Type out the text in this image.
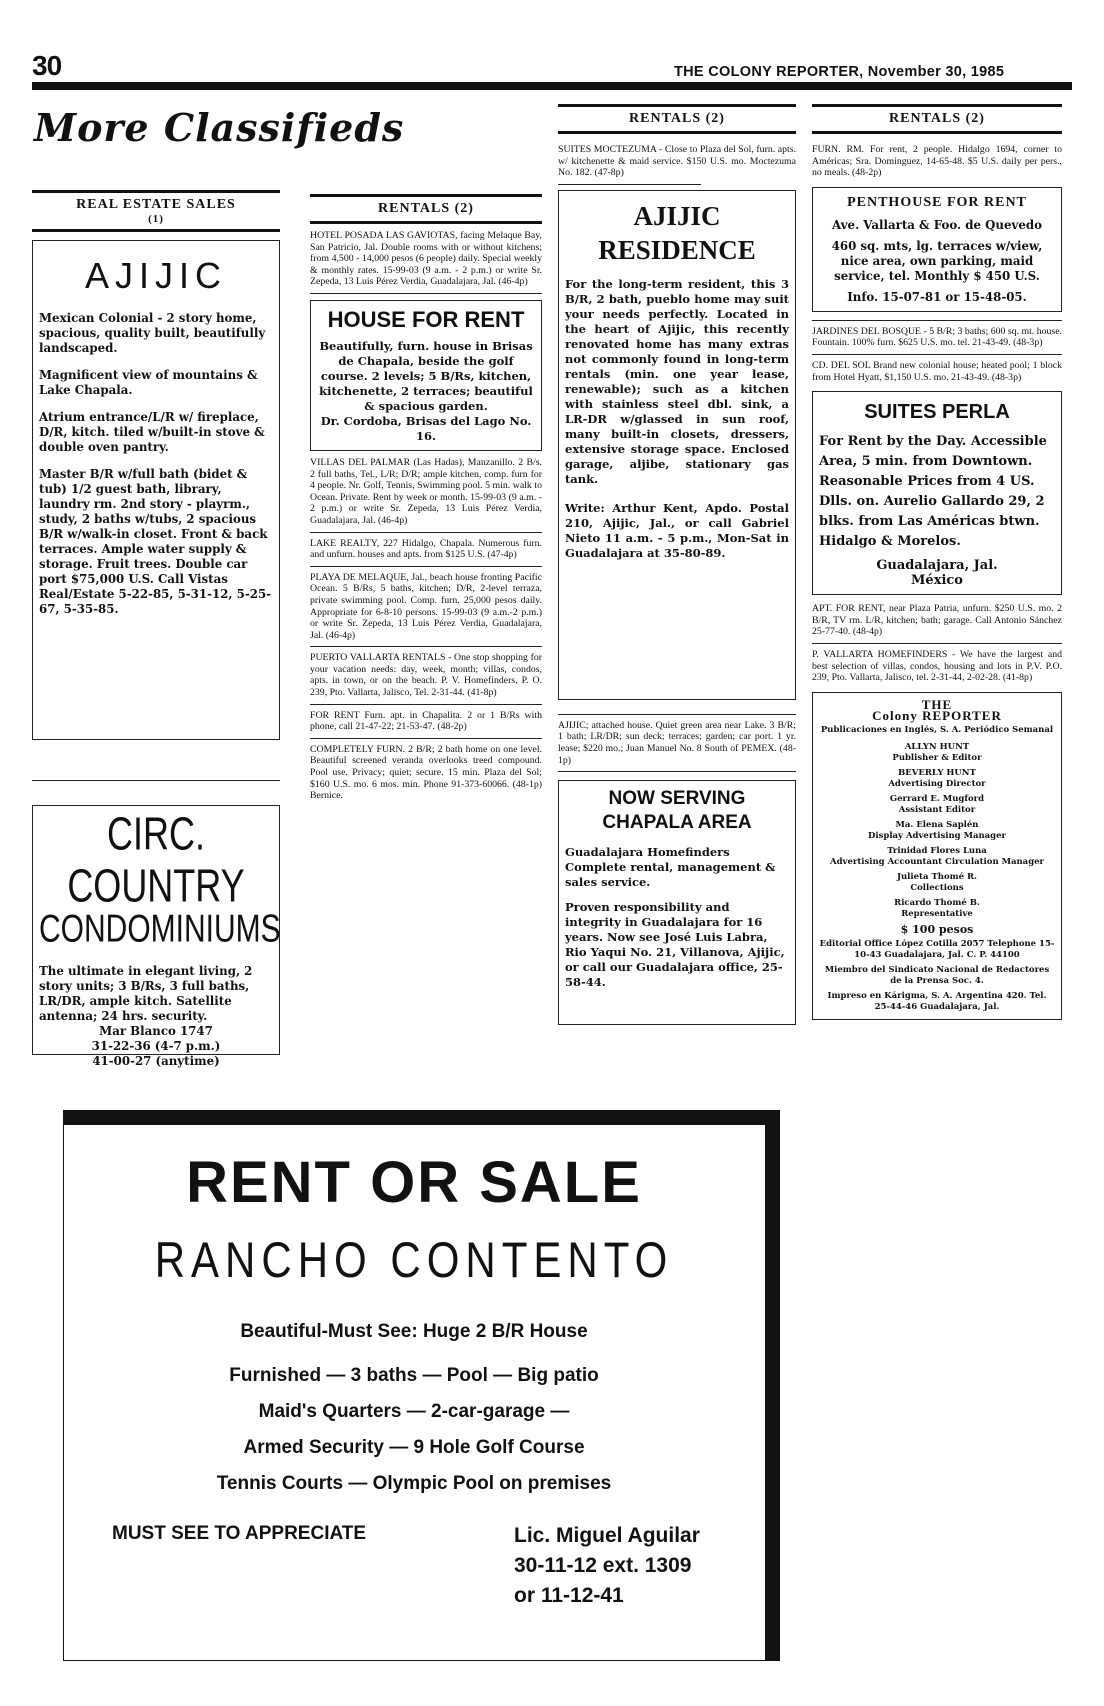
30	THE COLONY REPORTER, November 30, 1985
More Classifieds
REAL ESTATE SALES
(1)
AJIJIC

Mexican Colonial - 2 story home, spacious, quality built, beautifully landscaped.

Magnificent view of mountains & Lake Chapala.

Atrium entrance/L/R w/ fireplace, D/R, kitch. tiled w/built-in stove & double oven pantry.

Master B/R w/full bath (bidet & tub) 1/2 guest bath, library, laundry rm. 2nd story - playrm., study, 2 baths w/tubs, 2 spacious B/R w/walk-in closet. Front & back terraces. Ample water supply & storage. Fruit trees. Double car port $75,000 U.S. Call Vistas Real/Estate 5-22-85, 5-31-12, 5-25-67, 5-35-85.

CIRC. COUNTRY
CONDOMINIUMS

The ultimate in elegant living, 2 story units; 3 B/Rs, 3 full baths, LR/DR, ample kitch. Satellite antenna; 24 hrs. security.

Mar Blanco 1747

31-22-36 (4-7 p.m.)

41-00-27 (anytime)

RENTALS (2)

HOTEL POSADA LAS GAVIOTAS, facing Melaque Bay, San Patricio, Jal. Double rooms with or without kitchens; from 4,500 - 14,000 pesos (6 people) daily. Special weekly & monthly rates. 15-99-03 (9 a.m. - 2 p.m.) or write Sr. Zepeda, 13 Luis Pérez Verdia, Guadalajara, Jal. (46-4p)

HOUSE FOR RENT

Beautifully, furn. house in Brisas de Chapala, beside the golf course. 2 levels; 5 B/Rs, kitchen, kitchenette, 2 terraces; beautiful & spacious garden.

Dr. Cordoba, Brisas del Lago No. 16.

VILLAS DEL PALMAR (Las Hadas), Manzanillo. 2 B/s. 2 full baths, Tel., L/R; D/R; ample kitchen, comp. furn for 4 people. Nr. Golf, Tennis, Swimming pool. 5 min. walk to Ocean. Private. Rent by week or month. 15-99-03 (9 a.m. - 2 p.m.) or write Sr. Zepeda, 13 Luis Pérez Verdia, Guadalajara, Jal. (46-4p)

LAKE REALTY, 227 Hidalgo, Chapala. Numerous furn. and unfurn. houses and apts. from $125 U.S. (47-4p)

PLAYA DE MELAQUE, Jal., beach house fronting Pacific Ocean. 5 B/Rs, 5 baths, kitchen; D/R, 2-level terraza, private swimming pool. Comp. furn. 25,000 pesos daily. Appropriate for 6-8-10 persons. 15-99-03 (9 a.m.-2 p.m.) or write Sr. Zepeda, 13 Luis Pérez Verdia, Guadalajara, Jal. (46-4p)

PUERTO VALLARTA RENTALS - One stop shopping for your vacation needs: day, week, month; villas, condos, apts. in town, or on the beach. P. V. Homefinders, P. O. 239, Pto. Vallarta, Jalisco, Tel. 2-31-44. (41-8p)

FOR RENT Furn. apt. in Chapalita. 2 or 1 B/Rs with phone, call 21-47-22; 21-53-47. (48-2p)

COMPLETELY FURN. 2 B/R; 2 bath home on one level. Beautiful screened veranda overlooks treed compound. Pool use. Privacy; quiet; secure. 15 min. Plaza del Sol; $160 U.S. mo. 6 mos. min. Phone 91-373-60066. (48-1p) Bernice.

RENTALS (2)

SUITES MOCTEZUMA - Close to Plaza del Sol, furn. apts. w/ kitchenette & maid service. $150 U.S. mo. Moctezuma No. 182. (47-8p)

AJIJIC
RESIDENCE

For the long-term resident, this 3 B/R, 2 bath, pueblo home may suit your needs perfectly. Located in the heart of Ajijic, this recently renovated home has many extras not commonly found in long-term rentals (min. one year lease, renewable); such as a kitchen with stainless steel dbl. sink, a LR-DR w/glassed in sun roof, many built-in closets, dressers, extensive storage space. Enclosed garage, aljibe, stationary gas tank.

Write: Arthur Kent, Apdo. Postal 210, Ajijic, Jal., or call Gabriel Nieto 11 a.m. - 5 p.m., Mon-Sat in Guadalajara at 35-80-89.

AJIJIC; attached house. Quiet green area near Lake. 3 B/R; 1 bath; LR/DR; sun deck; terraces; garden; car port. 1 yr. lease; $220 mo.; Juan Manuel No. 8 South of PEMEX. (48-1p)

NOW SERVING CHAPALA AREA

Guadalajara Homefinders Complete rental, management & sales service.

Proven responsibility and integrity in Guadalajara for 16 years. Now see José Luis Labra, Rio Yaqui No. 21, Villanova, Ajijic, or call our Guadalajara office, 25-58-44.

RENTALS (2)

FURN. RM. For rent, 2 people. Hidalgo 1694, corner to Américas; Sra. Dominguez, 14-65-48. $5 U.S. daily per pers., no meals. (48-2p)

PENTHOUSE FOR RENT

Ave. Vallarta & Foo. de Quevedo

460 sq. mts, lg. terraces w/view, nice area, own parking, maid service, tel. Monthly $ 450 U.S.

Info. 15-07-81 or 15-48-05.

JARDINES DEL BOSQUE - 5 B/R; 3 baths; 600 sq. mt. house. Fountain. 100% furn. $625 U.S. mo. tel. 21-43-49. (48-3p)

CD. DEL SOL Brand new colonial house; heated pool; 1 block from Hotel Hyatt, $1,150 U.S. mo. 21-43-49. (48-3p)

SUITES PERLA

For Rent by the Day. Accessible Area, 5 min. from Downtown. Reasonable Prices from 4 US. Dlls. on. Aurelio Gallardo 29, 2 blks. from Las Américas btwn. Hidalgo & Morelos.

Guadalajara, Jal.

México

APT. FOR RENT, near Plaza Patria, unfurn. $250 U.S. mo. 2 B/R, TV rm. L/R, kitchen; bath; garage. Call Antonio Sánchez 25-77-40. (48-4p)

P. VALLARTA HOMEFINDERS - We have the largest and best selection of villas, condos, housing and lots in P.V. P.O. 239, Pto. Vallarta, Jalisco, tel. 2-31-44, 2-02-28. (41-8p)

THE
Colony REPORTER
Publicaciones en Inglés, S. A. Periódico Semanal
ALLYN HUNT
Publisher & Editor
BEVERLY HUNT
Advertising Director
Gerrard E. Mugford
Assistant Editor
Ma. Elena Saplén
Display Advertising Manager
Trinidad Flores Luna
Advertising Accountant Circulation Manager
Julieta Thomé R.
Collections
Ricardo Thomé B.
Representative
$ 100 pesos
Editorial Office López Cotilla 2057 Telephone 15-10-43 Guadalajara, Jal. C. P. 44100
Miembro del Sindicato Nacional de Redactores de la Prensa Soc. 4.
Impreso en Kárigma, S. A. Argentina 420. Tel. 25-44-46 Guadalajara, Jal.
RENT OR SALE
RANCHO CONTENTO
Beautiful-Must See: Huge 2 B/R House
Furnished — 3 baths — Pool — Big patio
Maid's Quarters — 2-car-garage —
Armed Security — 9 Hole Golf Course
Tennis Courts — Olympic Pool on premises
MUST SEE TO APPRECIATE	Lic. Miguel Aguilar
30-11-12 ext. 1309
or 11-12-41
